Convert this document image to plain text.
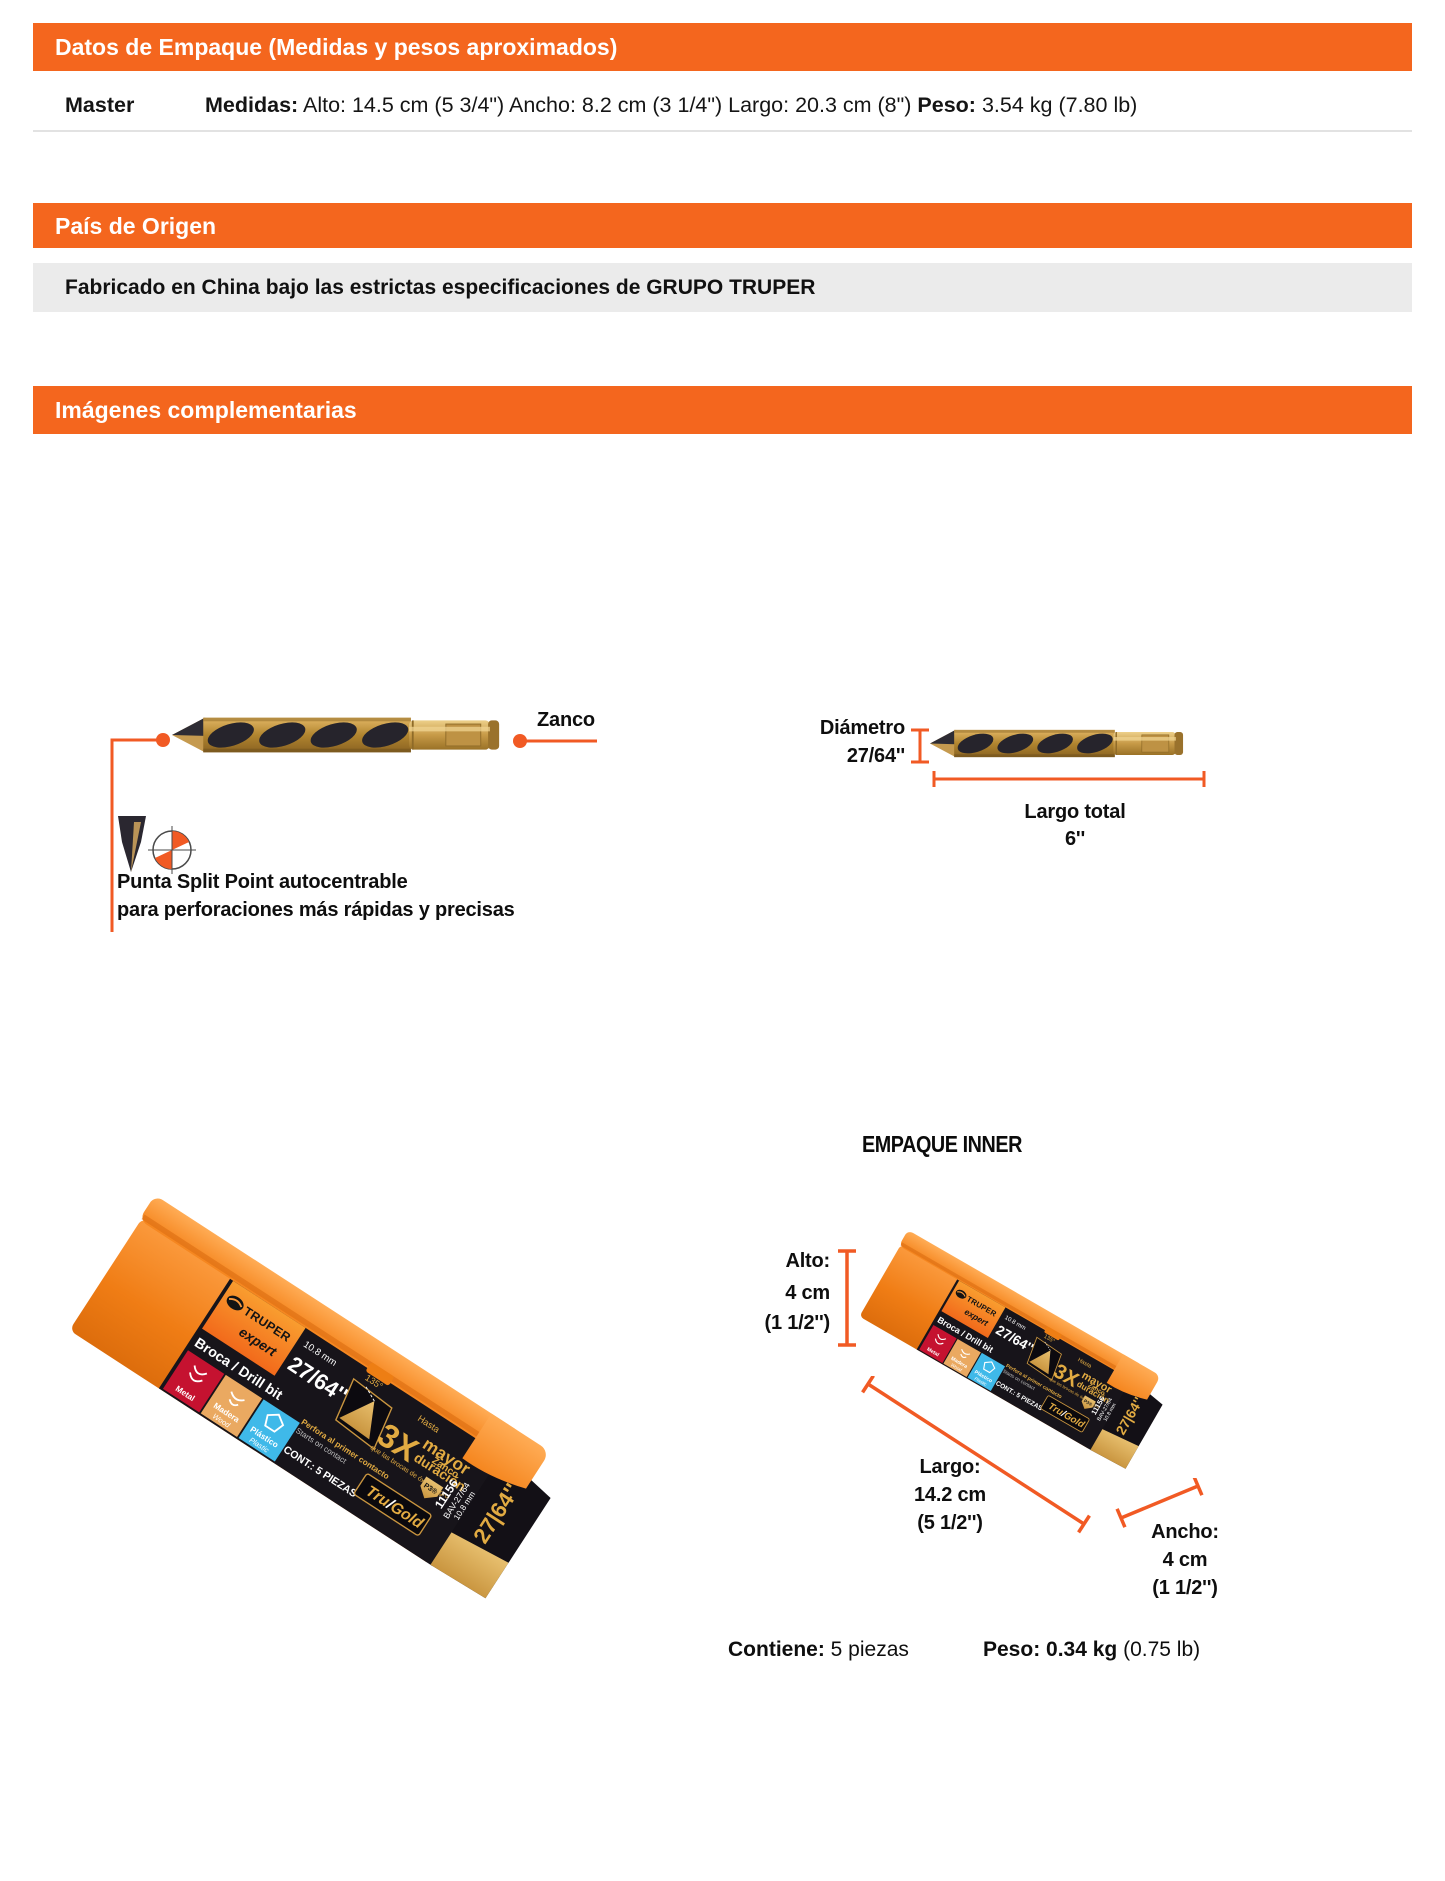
Datos de Empaque (Medidas y pesos aproximados)
Master	Medidas: Alto: 14.5 cm (5 3/4") Ancho: 8.2 cm (3 1/4") Largo: 20.3 cm (8") Peso: 3.54 kg (7.80 lb)
País de Origen
Fabricado en China bajo las estrictas especificaciones de GRUPO TRUPER
Imágenes complementarias
Zanco
Punta Split Point autocentrable
para perforaciones más rápidas y precisas
Diámetro
27/64''
Largo total
6''
EMPAQUE INNER
Alto:
4 cm
(1 1/2'')
Largo:
14.2 cm
(5 1/2'')	Ancho:
4 cm
(1 1/2'')
Contiene: 5 piezas	Peso: 0.34 kg (0.75 lb)
